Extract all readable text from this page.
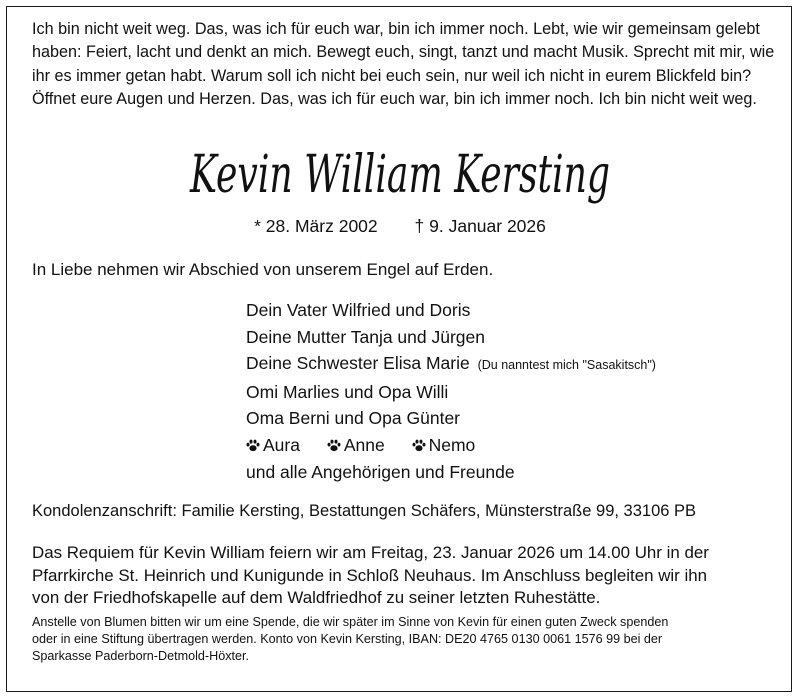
Ich bin nicht weit weg. Das, was ich für euch war, bin ich immer noch. Lebt, wie wir gemeinsam gelebt
haben: Feiert, lacht und denkt an mich. Bewegt euch, singt, tanzt und macht Musik. Sprecht mit mir, wie
ihr es immer getan habt. Warum soll ich nicht bei euch sein, nur weil ich nicht in eurem Blickfeld bin?
Öffnet eure Augen und Herzen. Das, was ich für euch war, bin ich immer noch. Ich bin nicht weit weg.

Kevin William Kersting
* 28. März 2002 † 9. Januar 2026

In Liebe nehmen wir Abschied von unserem Engel auf Erden.

Dein Vater Wilfried und Doris
Deine Mutter Tanja und Jürgen
Deine Schwester Elisa Marie (Du nanntest mich "Sasakitsch")
Omi Marlies und Opa Willi
Oma Berni und Opa Günter
Aura	Anne	Nemo
und alle Angehörigen und Freunde

Kondolenzanschrift: Familie Kersting, Bestattungen Schäfers, Münsterstraße 99, 33106 PB

Das Requiem für Kevin William feiern wir am Freitag, 23. Januar 2026 um 14.00 Uhr in der
Pfarrkirche St. Heinrich und Kunigunde in Schloß Neuhaus. Im Anschluss begleiten wir ihn
von der Friedhofskapelle auf dem Waldfriedhof zu seiner letzten Ruhestätte.

Anstelle von Blumen bitten wir um eine Spende, die wir später im Sinne von Kevin für einen guten Zweck spenden
oder in eine Stiftung übertragen werden. Konto von Kevin Kersting, IBAN: DE20 4765 0130 0061 1576 99 bei der
Sparkasse Paderborn-Detmold-Höxter.
